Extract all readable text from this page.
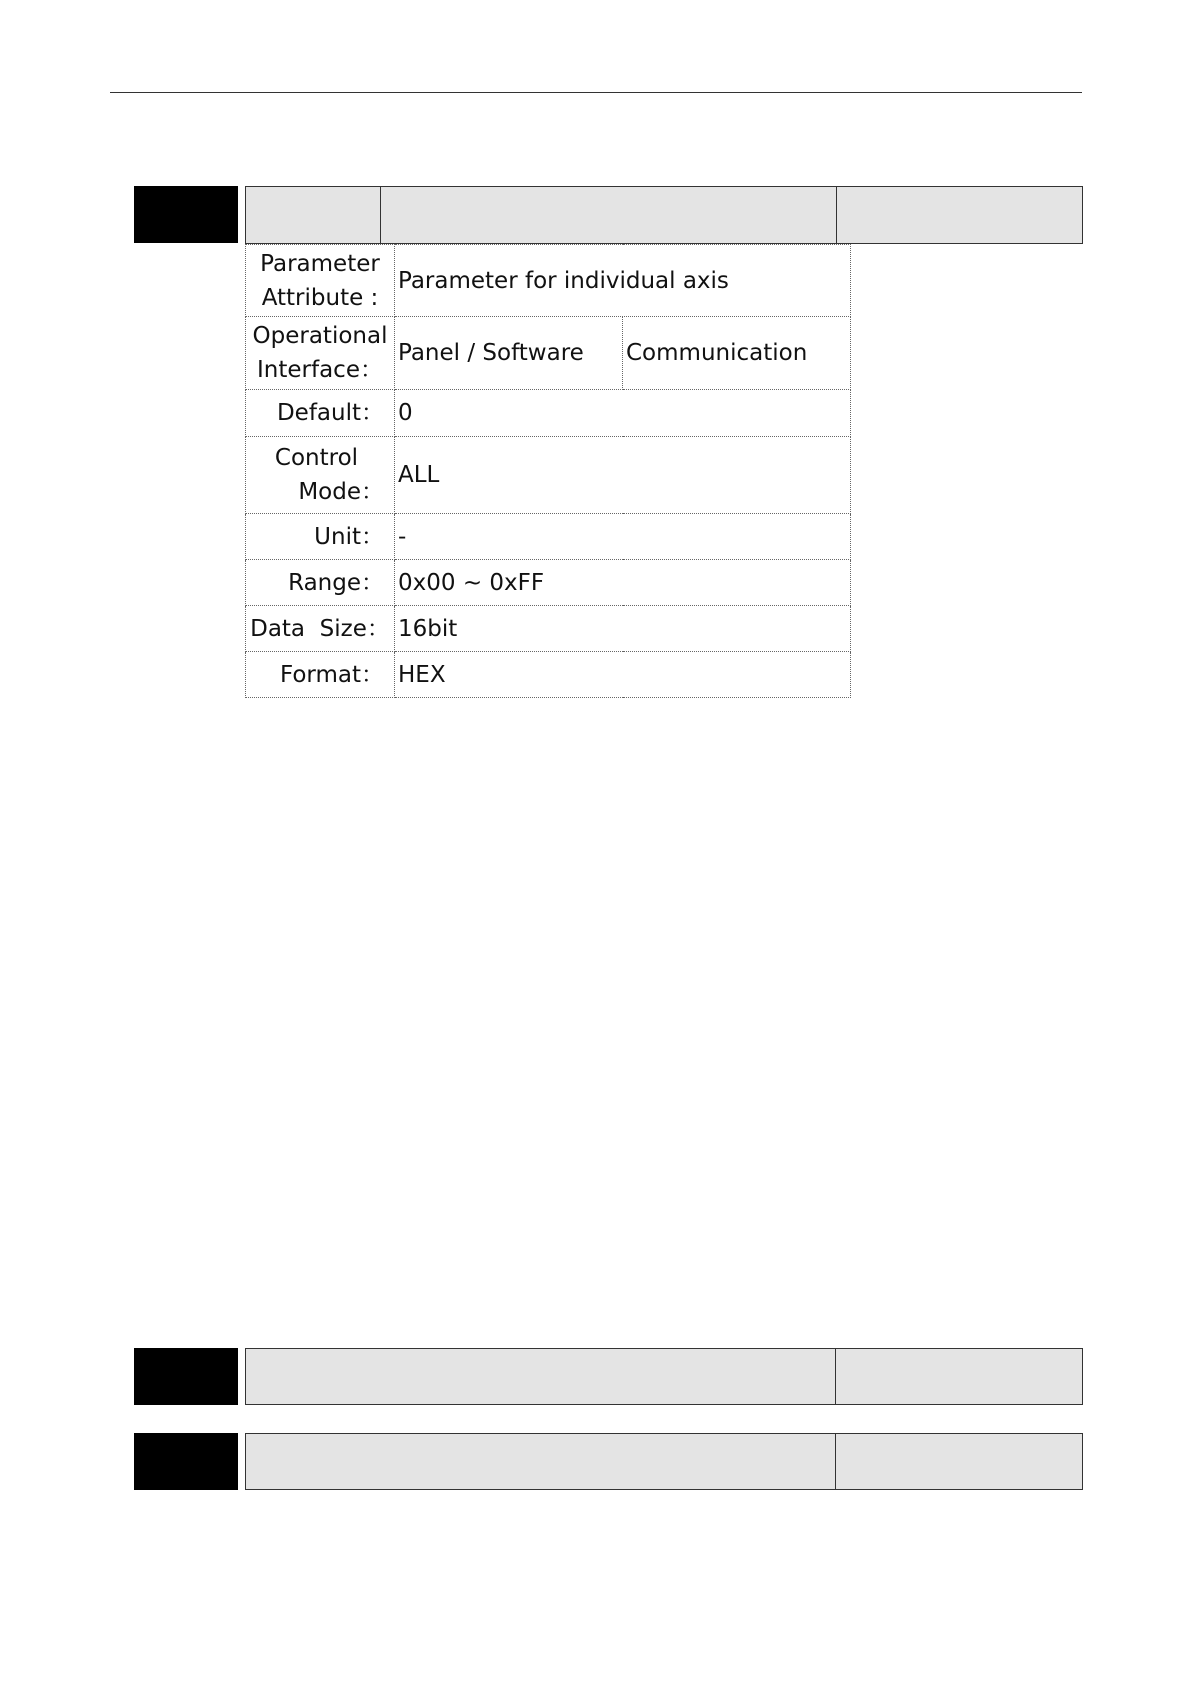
Parameter
Attribute :	Parameter for individual axis	

Operational
Interface：	Panel / Software	Communication
Default：	0	

Control
Mode：	ALL	
Unit：	-	
Range：	0x00 ~ 0xFF	
Data  Size：	16bit	
Format：	HEX	
